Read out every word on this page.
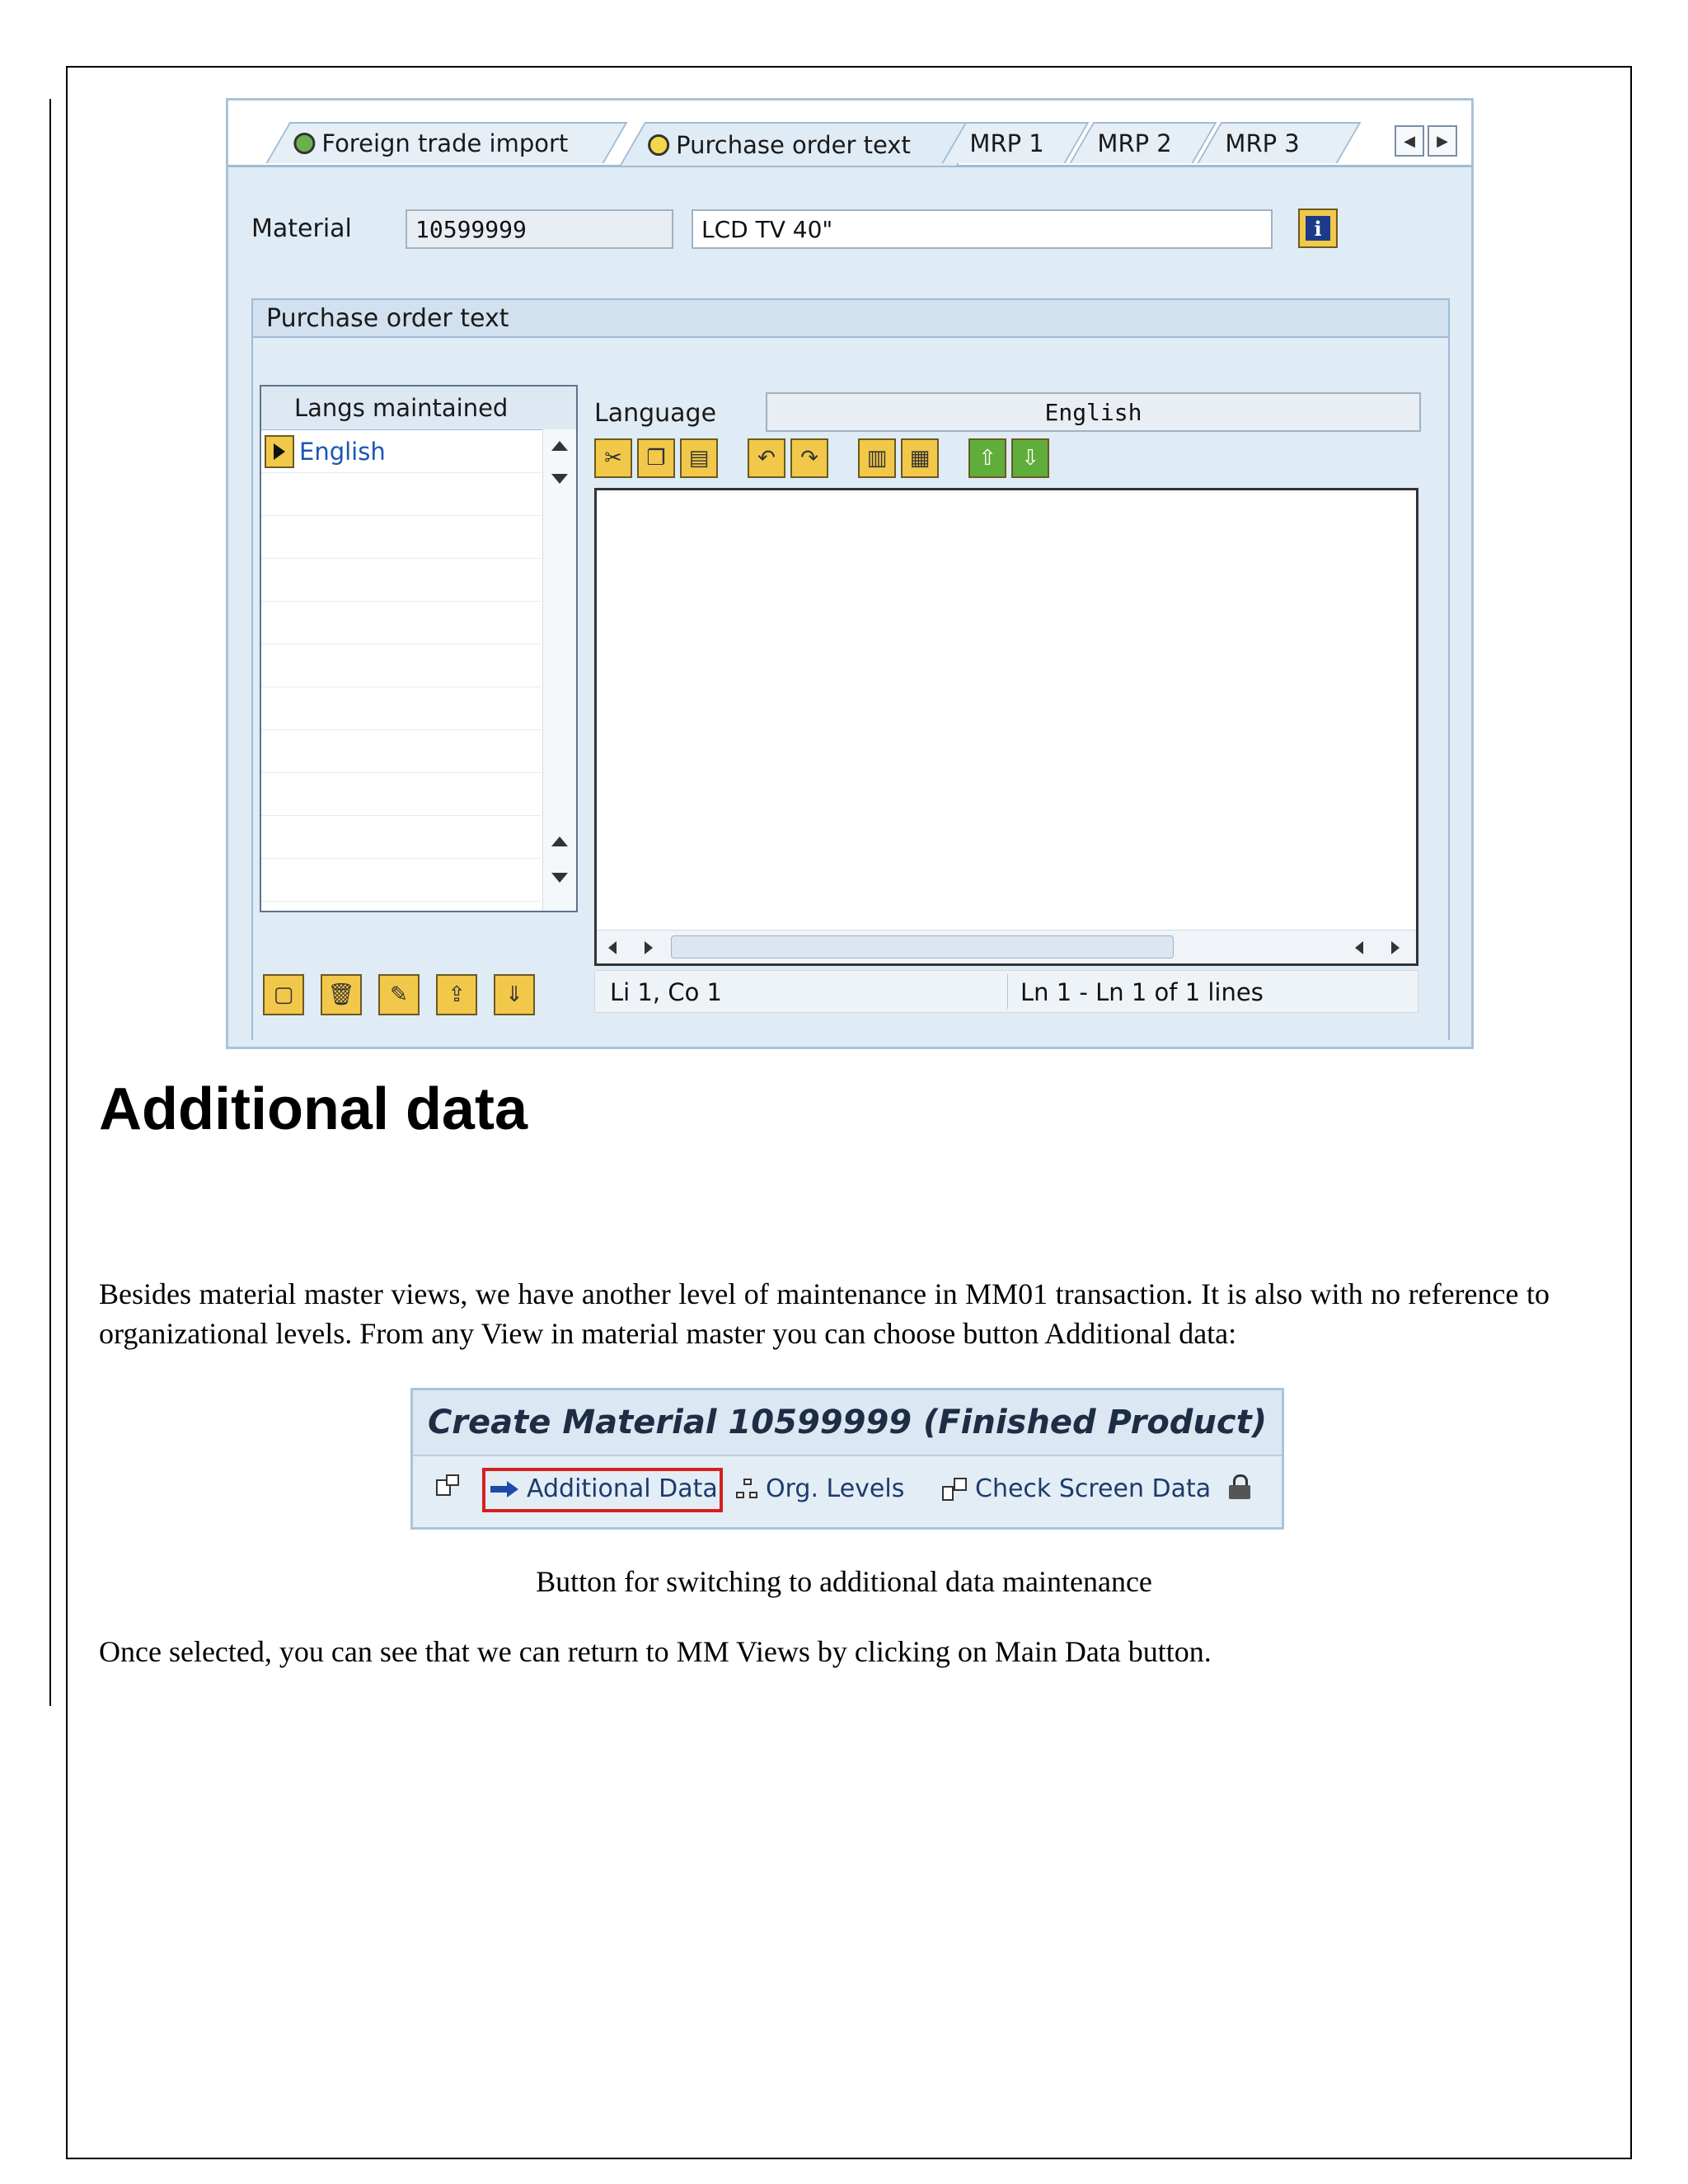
Foreign trade import	Purchase order text MRP 1 MRP 2 MRP 3	◀	▶
Material	10599999	LCD TV 40"	i
Purchase order text
Langs maintained
English
Language	English
✂	❐	▤	↶	↷	▥	▦	⇧	⇩
Li 1, Co 1	Ln 1 - Ln 1 of 1 lines
▢	🗑	✎	⇪	⇓
Additional data
Besides material master views, we have another level of maintenance in MM01 transaction. It is also with no reference to organizational levels. From any View in material master you can choose button Additional data:
Create Material 10599999 (Finished Product)
Additional Data Org. Levels	Check Screen Data
Button for switching to additional data maintenance
Once selected, you can see that we can return to MM Views by clicking on Main Data button.
